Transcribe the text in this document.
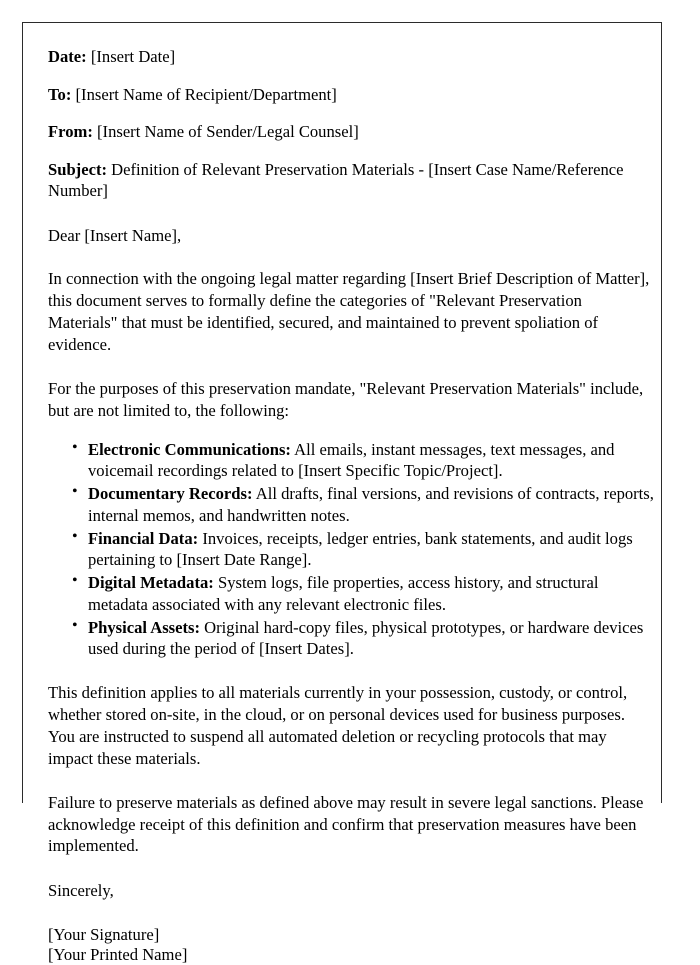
Date: [Insert Date]

To: [Insert Name of Recipient/Department]

From: [Insert Name of Sender/Legal Counsel]

Subject: Definition of Relevant Preservation Materials - [Insert Case Name/Reference Number]

Dear [Insert Name],

In connection with the ongoing legal matter regarding [Insert Brief Description of Matter], this document serves to formally define the categories of "Relevant Preservation Materials" that must be identified, secured, and maintained to prevent spoliation of evidence.

For the purposes of this preservation mandate, "Relevant Preservation Materials" include, but are not limited to, the following:

• Electronic Communications: All emails, instant messages, text messages, and voicemail recordings related to [Insert Specific Topic/Project].
• Documentary Records: All drafts, final versions, and revisions of contracts, reports, internal memos, and handwritten notes.
• Financial Data: Invoices, receipts, ledger entries, bank statements, and audit logs pertaining to [Insert Date Range].
• Digital Metadata: System logs, file properties, access history, and structural metadata associated with any relevant electronic files.
• Physical Assets: Original hard-copy files, physical prototypes, or hardware devices used during the period of [Insert Dates].

This definition applies to all materials currently in your possession, custody, or control, whether stored on-site, in the cloud, or on personal devices used for business purposes. You are instructed to suspend all automated deletion or recycling protocols that may impact these materials.

Failure to preserve materials as defined above may result in severe legal sanctions. Please acknowledge receipt of this definition and confirm that preservation measures have been implemented.

Sincerely,

[Your Signature]
[Your Printed Name]
